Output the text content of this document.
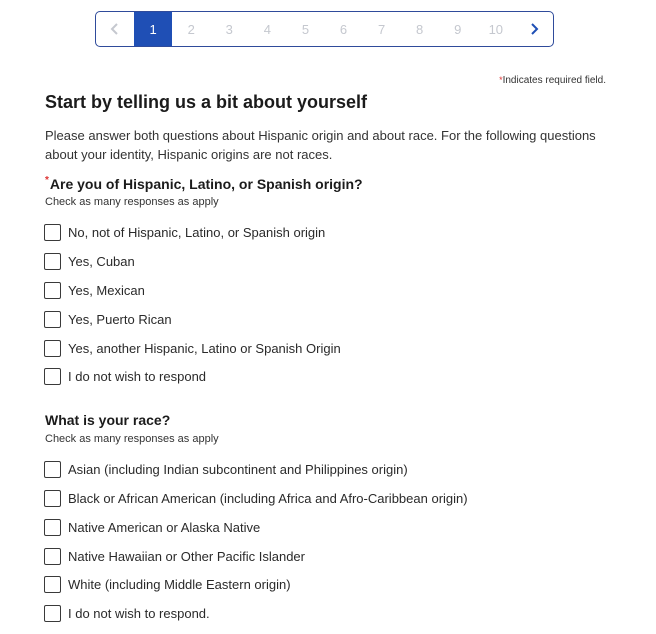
1	2	3	4	5	6	7	8	9	10
*Indicates required field.
Start by telling us a bit about yourself

Please answer both questions about Hispanic origin and about race. For the following questions about your identity, Hispanic origins are not races.

*Are you of Hispanic, Latino, or Spanish origin?

Check as many responses as apply

No, not of Hispanic, Latino, or Spanish origin
Yes, Cuban
Yes, Mexican
Yes, Puerto Rican
Yes, another Hispanic, Latino or Spanish Origin
I do not wish to respond

What is your race?

Check as many responses as apply

Asian (including Indian subcontinent and Philippines origin)
Black or African American (including Africa and Afro-Caribbean origin)
Native American or Alaska Native
Native Hawaiian or Other Pacific Islander
White (including Middle Eastern origin)
I do not wish to respond.
